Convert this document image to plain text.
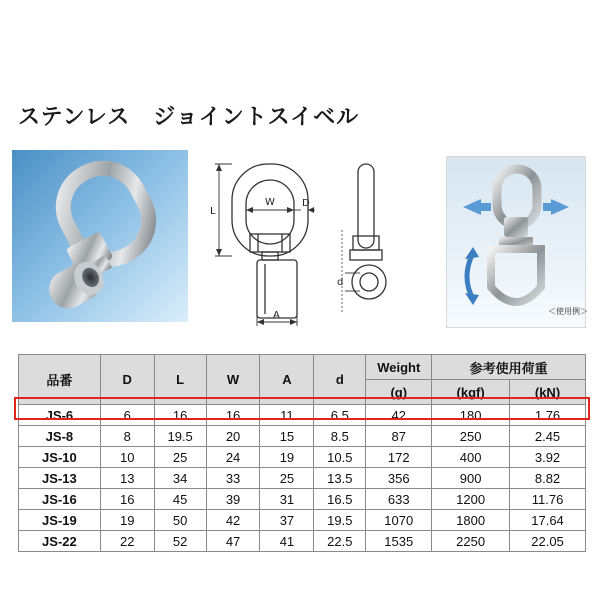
ステンレス　ジョイントスイベル
L
W	D
A
d
＜使用例＞
品番	D	L	W	A	d	Weight	参考使用荷重	
						(g)	(kgf)	(kN)
JS-6	6	16	16	11	6.5	42	180	1.76
JS-8	8	19.5	20	15	8.5	87	250	2.45
JS-10	10	25	24	19	10.5	172	400	3.92
JS-13	13	34	33	25	13.5	356	900	8.82
JS-16	16	45	39	31	16.5	633	1200	11.76
JS-19	19	50	42	37	19.5	1070	1800	17.64
JS-22	22	52	47	41	22.5	1535	2250	22.05
